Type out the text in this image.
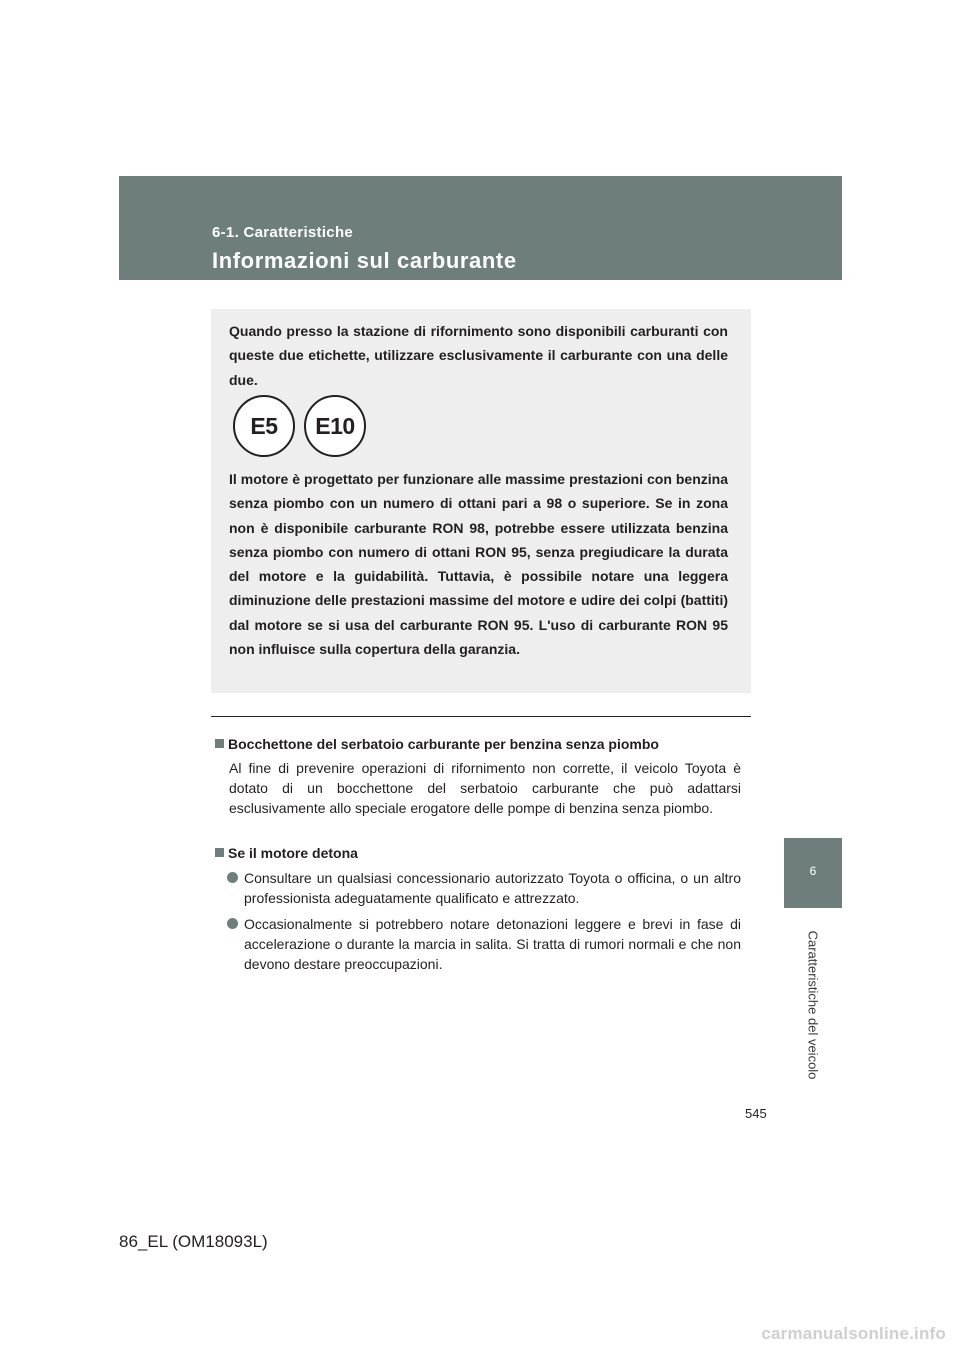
6-1. Caratteristiche
Informazioni sul carburante
6
Caratteristiche del veicolo

Quando presso la stazione di rifornimento sono disponibili carburanti con queste due etichette, utilizzare esclusivamente il carburante con una delle due.

E5	E10

Il motore è progettato per funzionare alle massime prestazioni con benzina senza piombo con un numero di ottani pari a 98 o superiore. Se in zona non è disponibile carburante RON 98, potrebbe essere utilizzata benzina senza piombo con numero di ottani RON 95, senza pregiudicare la durata del motore e la guidabilità. Tuttavia, è possibile notare una leggera diminuzione delle prestazioni massime del motore e udire dei colpi (battiti) dal motore se si usa del carburante RON 95. L'uso di carburante RON 95 non influisce sulla copertura della garanzia.

Bocchettone del serbatoio carburante per benzina senza piombo

Al fine di prevenire operazioni di rifornimento non corrette, il veicolo Toyota è dotato di un bocchettone del serbatoio carburante che può adattarsi esclusivamente allo speciale erogatore delle pompe di benzina senza piombo.

Se il motore detona

Consultare un qualsiasi concessionario autorizzato Toyota o officina, o un altro professionista adeguatamente qualificato e attrezzato.

Occasionalmente si potrebbero notare detonazioni leggere e brevi in fase di accelerazione o durante la marcia in salita. Si tratta di rumori normali e che non devono destare preoccupazioni.

545
86_EL (OM18093L)
carmanualsonline.info
